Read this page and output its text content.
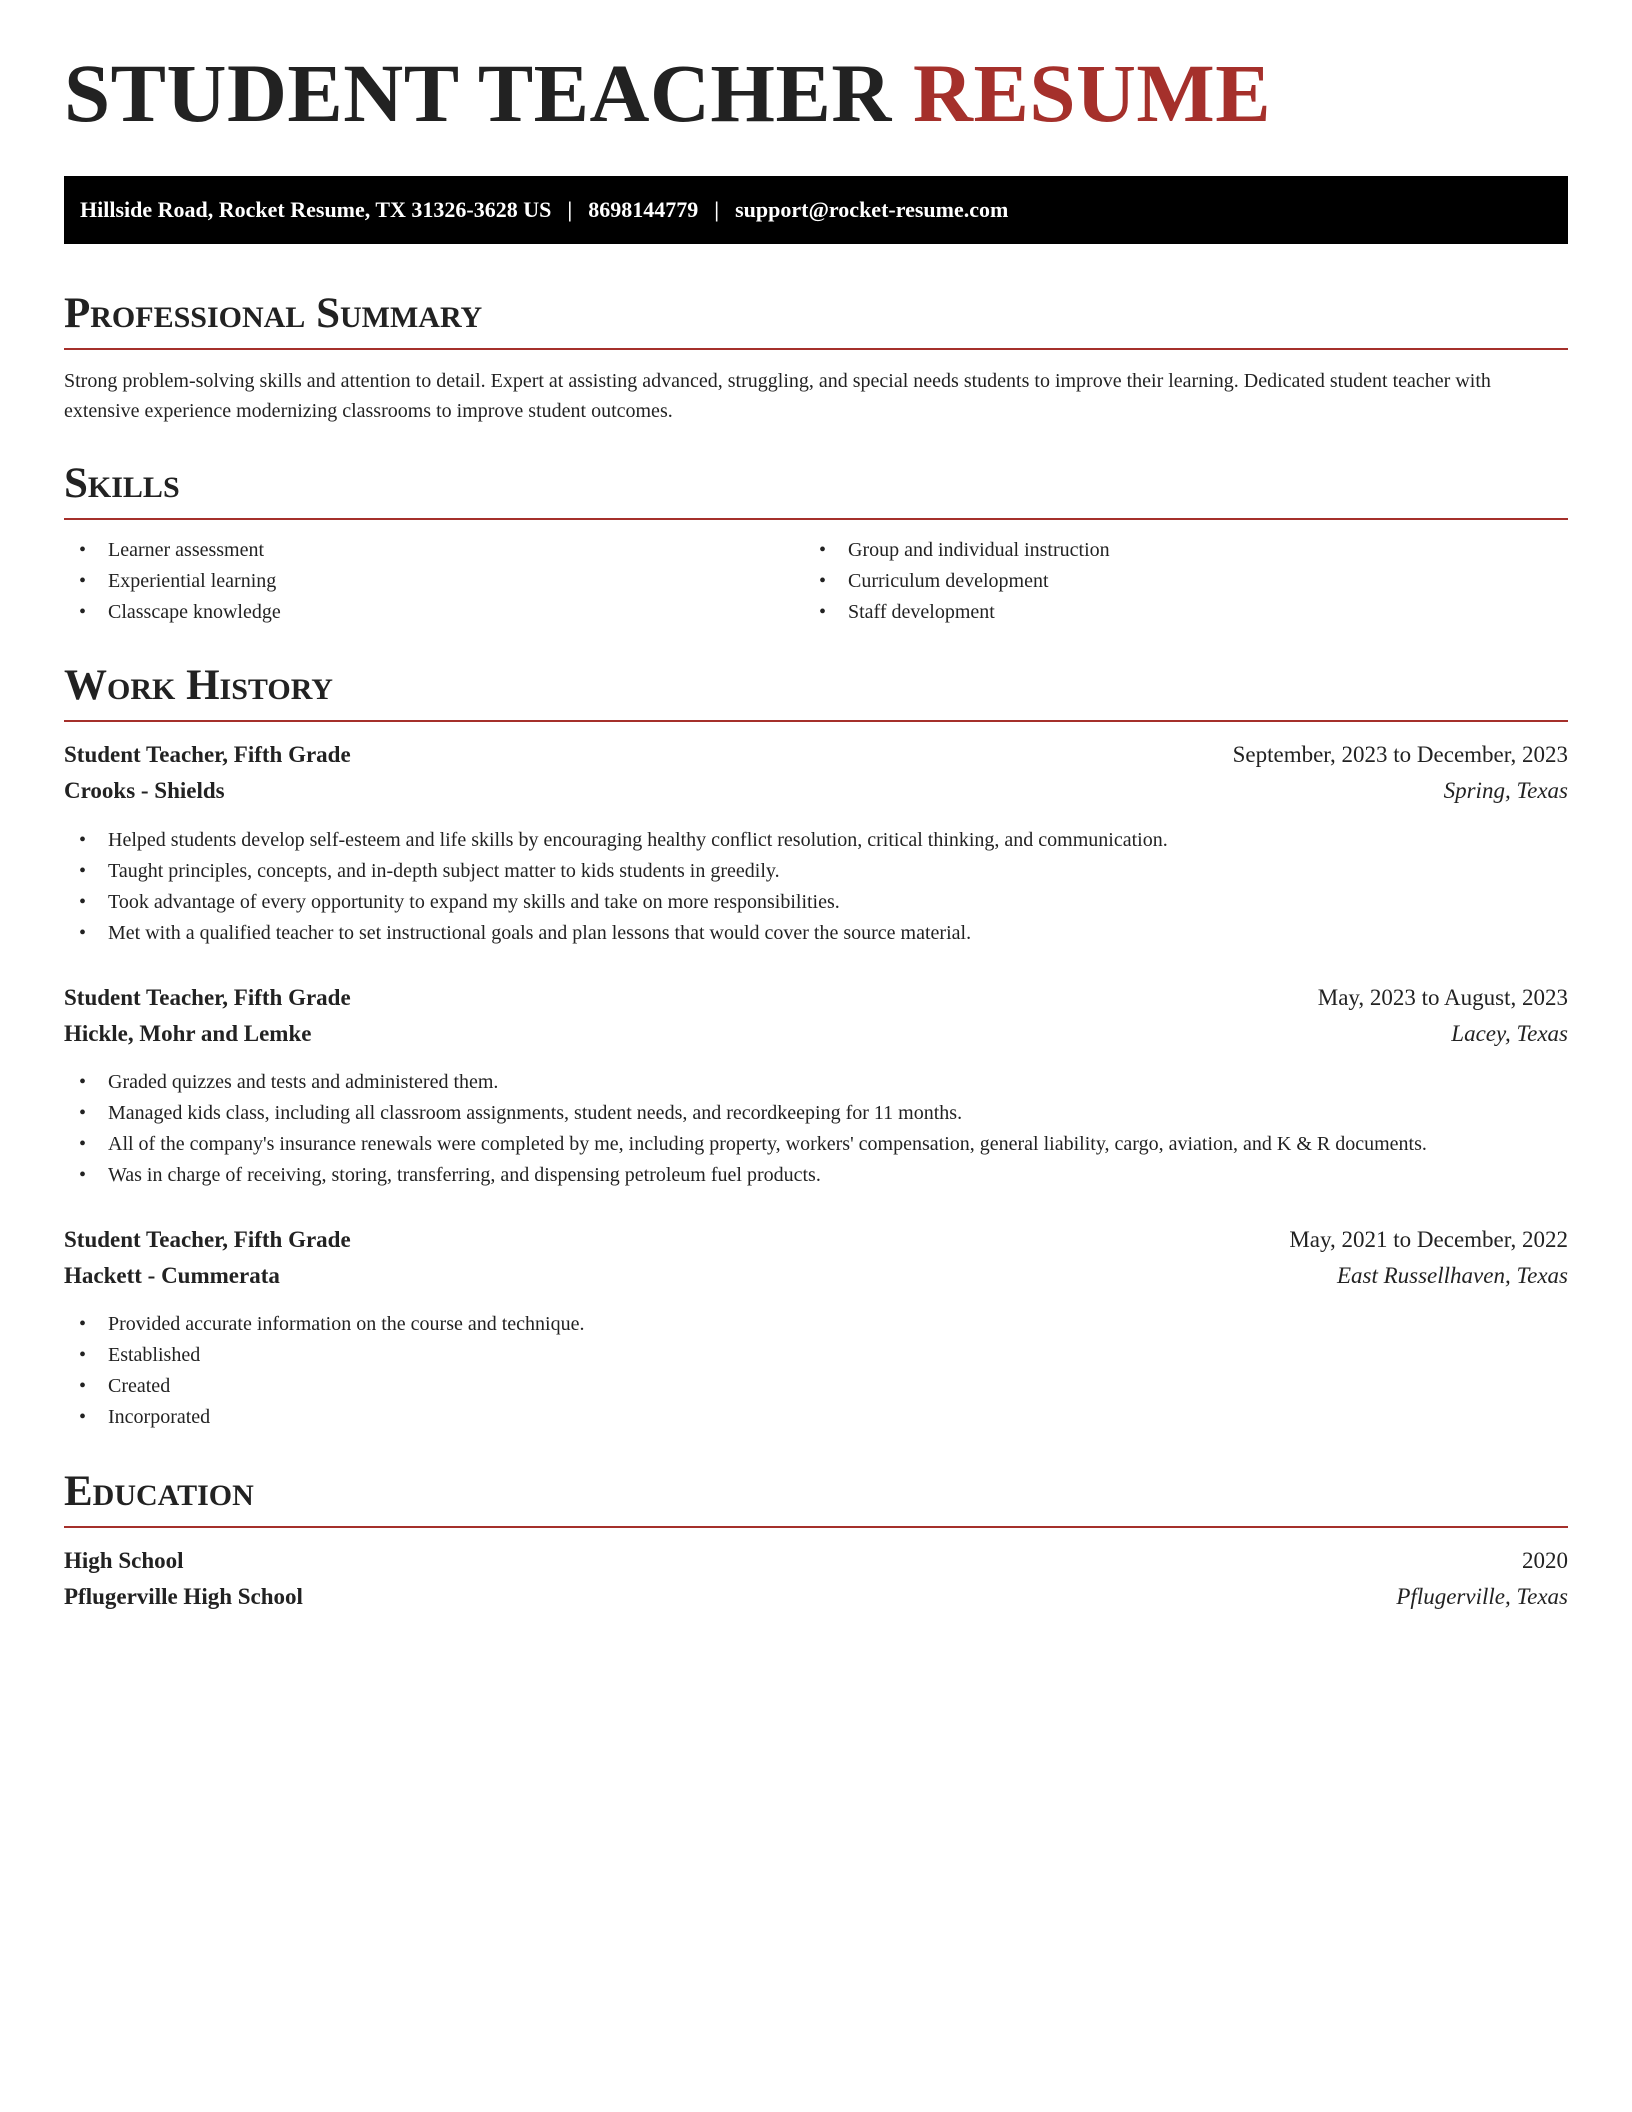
STUDENT TEACHER RESUME
Hillside Road, Rocket Resume, TX 31326-3628 US | 8698144779 | support@rocket-resume.com
Professional Summary

Strong problem-solving skills and attention to detail. Expert at assisting advanced, struggling, and special needs students to improve their learning. Dedicated student teacher with extensive experience modernizing classrooms to improve student outcomes.

Skills
• Learner assessment
• Experiential learning
• Classcape knowledge
• Group and individual instruction
• Curriculum development
• Staff development
Work History
Student Teacher, Fifth Grade	September, 2023 to December, 2023
Crooks - Shields	Spring, Texas
• Helped students develop self-esteem and life skills by encouraging healthy conflict resolution, critical thinking, and communication.
• Taught principles, concepts, and in-depth subject matter to kids students in greedily.
• Took advantage of every opportunity to expand my skills and take on more responsibilities.
• Met with a qualified teacher to set instructional goals and plan lessons that would cover the source material.
Student Teacher, Fifth Grade	May, 2023 to August, 2023
Hickle, Mohr and Lemke	Lacey, Texas
• Graded quizzes and tests and administered them.
• Managed kids class, including all classroom assignments, student needs, and recordkeeping for 11 months.
• All of the company's insurance renewals were completed by me, including property, workers' compensation, general liability, cargo, aviation, and K & R documents.
• Was in charge of receiving, storing, transferring, and dispensing petroleum fuel products.
Student Teacher, Fifth Grade	May, 2021 to December, 2022
Hackett - Cummerata	East Russellhaven, Texas
• Provided accurate information on the course and technique.
• Established
• Created
• Incorporated
Education
High School	2020
Pflugerville High School	Pflugerville, Texas
